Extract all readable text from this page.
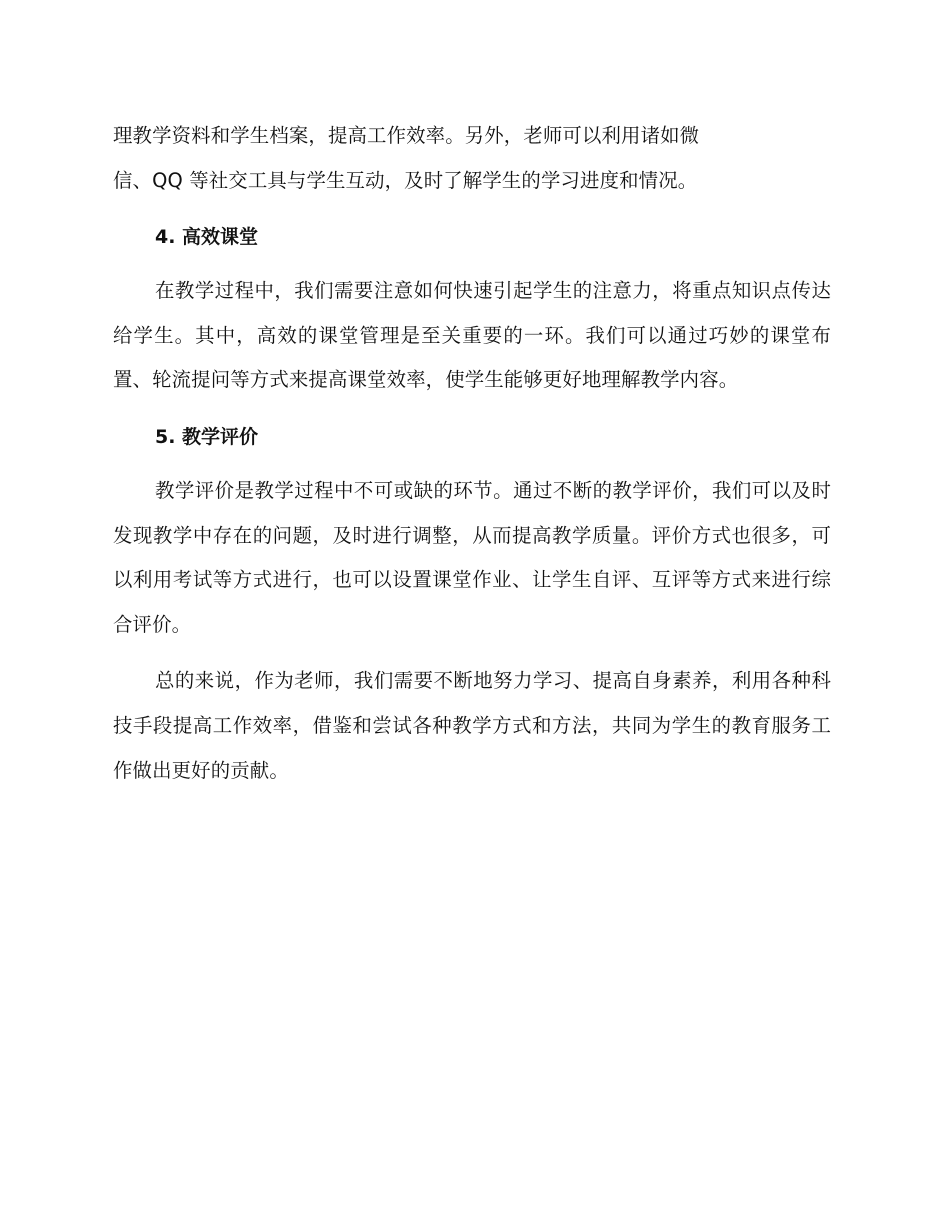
理教学资料和学生档案，提高工作效率。另外，老师可以利用诸如微
信、QQ 等社交工具与学生互动，及时了解学生的学习进度和情况。

4. 高效课堂

在教学过程中，我们需要注意如何快速引起学生的注意力，将重点知识点传达给学生。其中，高效的课堂管理是至关重要的一环。我们可以通过巧妙的课堂布置、轮流提问等方式来提高课堂效率，使学生能够更好地理解教学内容。

5. 教学评价

教学评价是教学过程中不可或缺的环节。通过不断的教学评价，我们可以及时发现教学中存在的问题，及时进行调整，从而提高教学质量。评价方式也很多，可以利用考试等方式进行，也可以设置课堂作业、让学生自评、互评等方式来进行综合评价。

总的来说，作为老师，我们需要不断地努力学习、提高自身素养，利用各种科技手段提高工作效率，借鉴和尝试各种教学方式和方法，共同为学生的教育服务工作做出更好的贡献。
